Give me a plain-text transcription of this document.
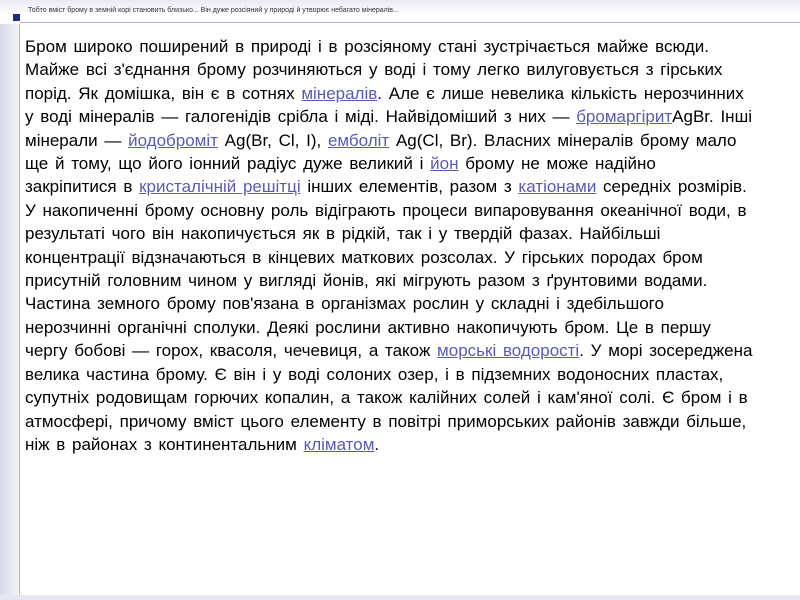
Тобто вміст брому в земній корі становить близько... Він дуже розсіяний у природі й утворює небагато мінералів...

Бром широко поширений в природі і в розсіяному стані зустрічається майже всюди. Майже всі з'єднання брому розчиняються у воді і тому легко вилуговується з гірських порід. Як домішка, він є в сотнях мінералів. Але є лише невелика кількість нерозчинних у воді мінералів — галогенідів срібла і міді. Найвідоміший з них — бромаргіритAgBr. Інші мінерали — йодоброміт Ag(Br, Cl, I), емболіт Ag(Cl, Br). Власних мінералів брому мало ще й тому, що його іонний радіус дуже великий і йон брому не може надійно закріпитися в кристалічній решітці інших елементів, разом з катіонами середніх розмірів. У накопиченні брому основну роль відіграють процеси випаровування океанічної води, в результаті чого він накопичується як в рідкій, так і у твердій фазах. Найбільші концентрації відзначаються в кінцевих маткових розсолах. У гірських породах бром присутній головним чином у вигляді йонів, які мігрують разом з ґрунтовими водами. Частина земного брому пов'язана в організмах рослин у складні і здебільшого нерозчинні органічні сполуки. Деякі рослини активно накопичують бром. Це в першу чергу бобові — горох, квасоля, чечевиця, а також морські водорості. У морі зосереджена велика частина брому. Є він і у воді солоних озер, і в підземних водоносних пластах, супутніх родовищам горючих копалин, а також калійних солей і кам'яної солі. Є бром і в атмосфері, причому вміст цього елементу в повітрі приморських районів завжди більше, ніж в районах з континентальним кліматом.
